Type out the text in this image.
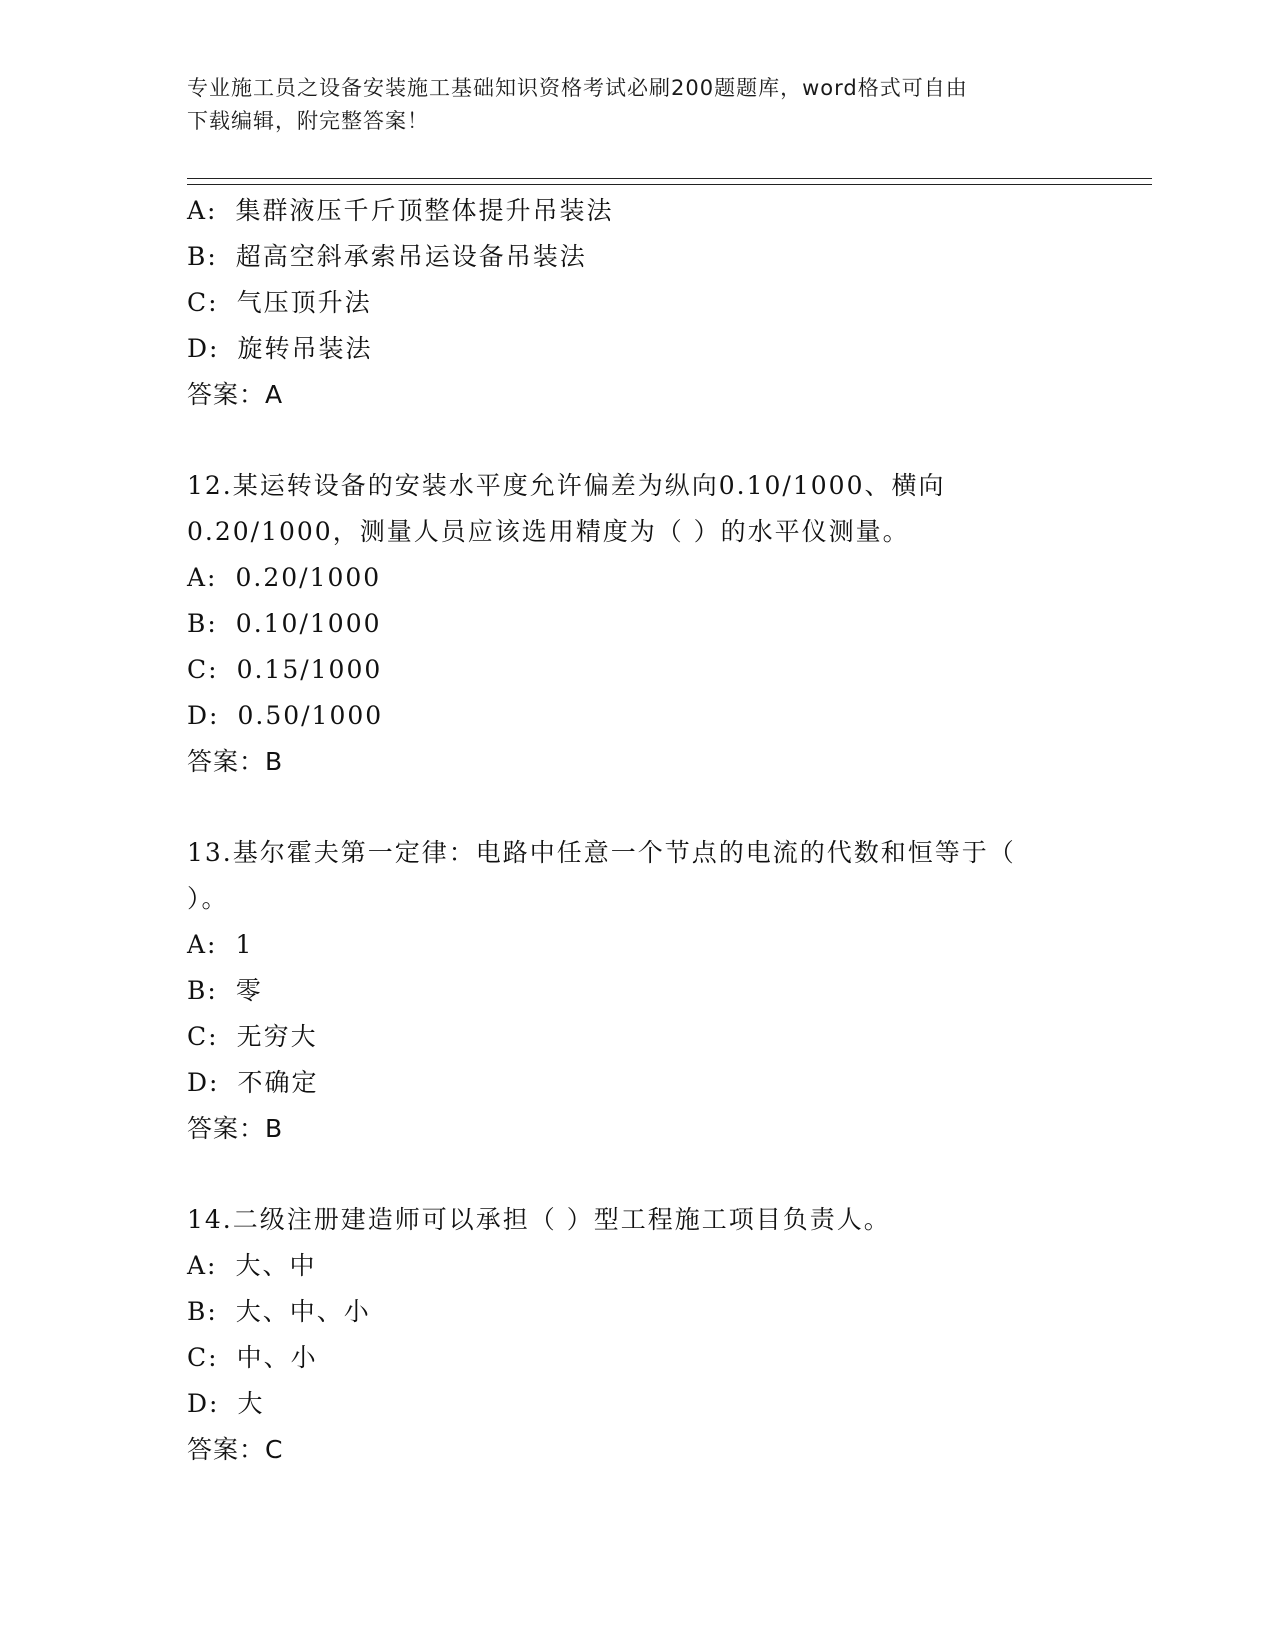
专业施工员之设备安装施工基础知识资格考试必刷200题题库，word格式可自由
下载编辑，附完整答案！
A: 集群液压千斤顶整体提升吊装法
B: 超高空斜承索吊运设备吊装法
C: 气压顶升法
D: 旋转吊装法
答案：A
12.某运转设备的安装水平度允许偏差为纵向0.10/1000、横向
0.20/1000，测量人员应该选用精度为（ ）的水平仪测量。
A: 0.20/1000
B: 0.10/1000
C: 0.15/1000
D: 0.50/1000
答案：B
13.基尔霍夫第一定律：电路中任意一个节点的电流的代数和恒等于（
）。
A: 1
B: 零
C: 无穷大
D: 不确定
答案：B
14.二级注册建造师可以承担（ ）型工程施工项目负责人。
A: 大、中
B: 大、中、小
C: 中、小
D: 大
答案：C
